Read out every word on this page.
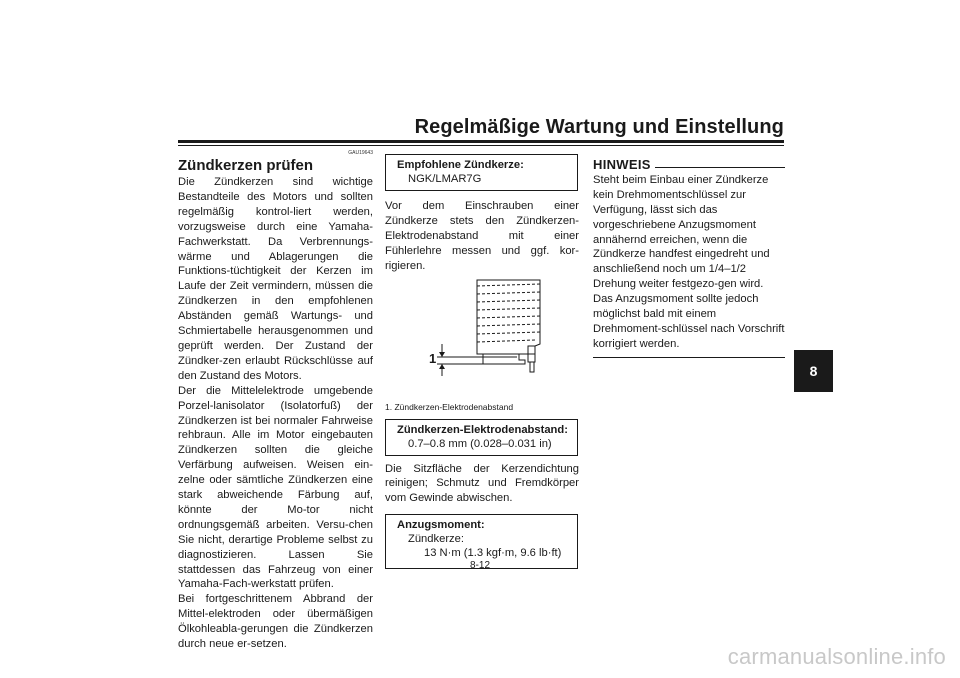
Regelmäßige Wartung und Einstellung
GAU19643
Zündkerzen prüfen

Die Zündkerzen sind wichtige Bestandteile des Motors und sollten regelmäßig kontrol-liert werden, vorzugsweise durch eine Yamaha-Fachwerkstatt. Da Verbrennungs-wärme und Ablagerungen die Funktions-tüchtigkeit der Kerzen im Laufe der Zeit vermindern, müssen die Zündkerzen in den empfohlenen Abständen gemäß Wartungs- und Schmiertabelle herausgenommen und geprüft werden. Der Zustand der Zündker-zen erlaubt Rückschlüsse auf den Zustand des Motors.

Der die Mittelelektrode umgebende Porzel-lanisolator (Isolatorfuß) der Zündkerzen ist bei normaler Fahrweise rehbraun. Alle im Motor eingebauten Zündkerzen sollten die gleiche Verfärbung aufweisen. Weisen ein-zelne oder sämtliche Zündkerzen eine stark abweichende Färbung auf, könnte der Mo-tor nicht ordnungsgemäß arbeiten. Versu-chen Sie nicht, derartige Probleme selbst zu diagnostizieren. Lassen Sie stattdessen das Fahrzeug von einer Yamaha-Fach-werkstatt prüfen.

Bei fortgeschrittenem Abbrand der Mittel-elektroden oder übermäßigen Ölkohleabla-gerungen die Zündkerzen durch neue er-setzen.

Empfohlene Zündkerze:
NGK/LMAR7G

Vor dem Einschrauben einer Zündkerze stets den Zündkerzen-Elektrodenabstand mit einer Fühlerlehre messen und ggf. kor-rigieren.

1
1. Zündkerzen-Elektrodenabstand
Zündkerzen-Elektrodenabstand:
0.7–0.8 mm (0.028–0.031 in)

Die Sitzfläche der Kerzendichtung reinigen; Schmutz und Fremdkörper vom Gewinde abwischen.

Anzugsmoment:
Zündkerze:
13 N·m (1.3 kgf·m, 9.6 lb·ft)
HINWEIS

Steht beim Einbau einer Zündkerze kein Drehmomentschlüssel zur Verfügung, lässt sich das vorgeschriebene Anzugsmoment annähernd erreichen, wenn die Zündkerze handfest eingedreht und anschließend noch um 1/4–1/2 Drehung weiter festgezo-gen wird. Das Anzugsmoment sollte jedoch möglichst bald mit einem Drehmoment-schlüssel nach Vorschrift korrigiert werden.

8
8-12
carmanualsonline.info
